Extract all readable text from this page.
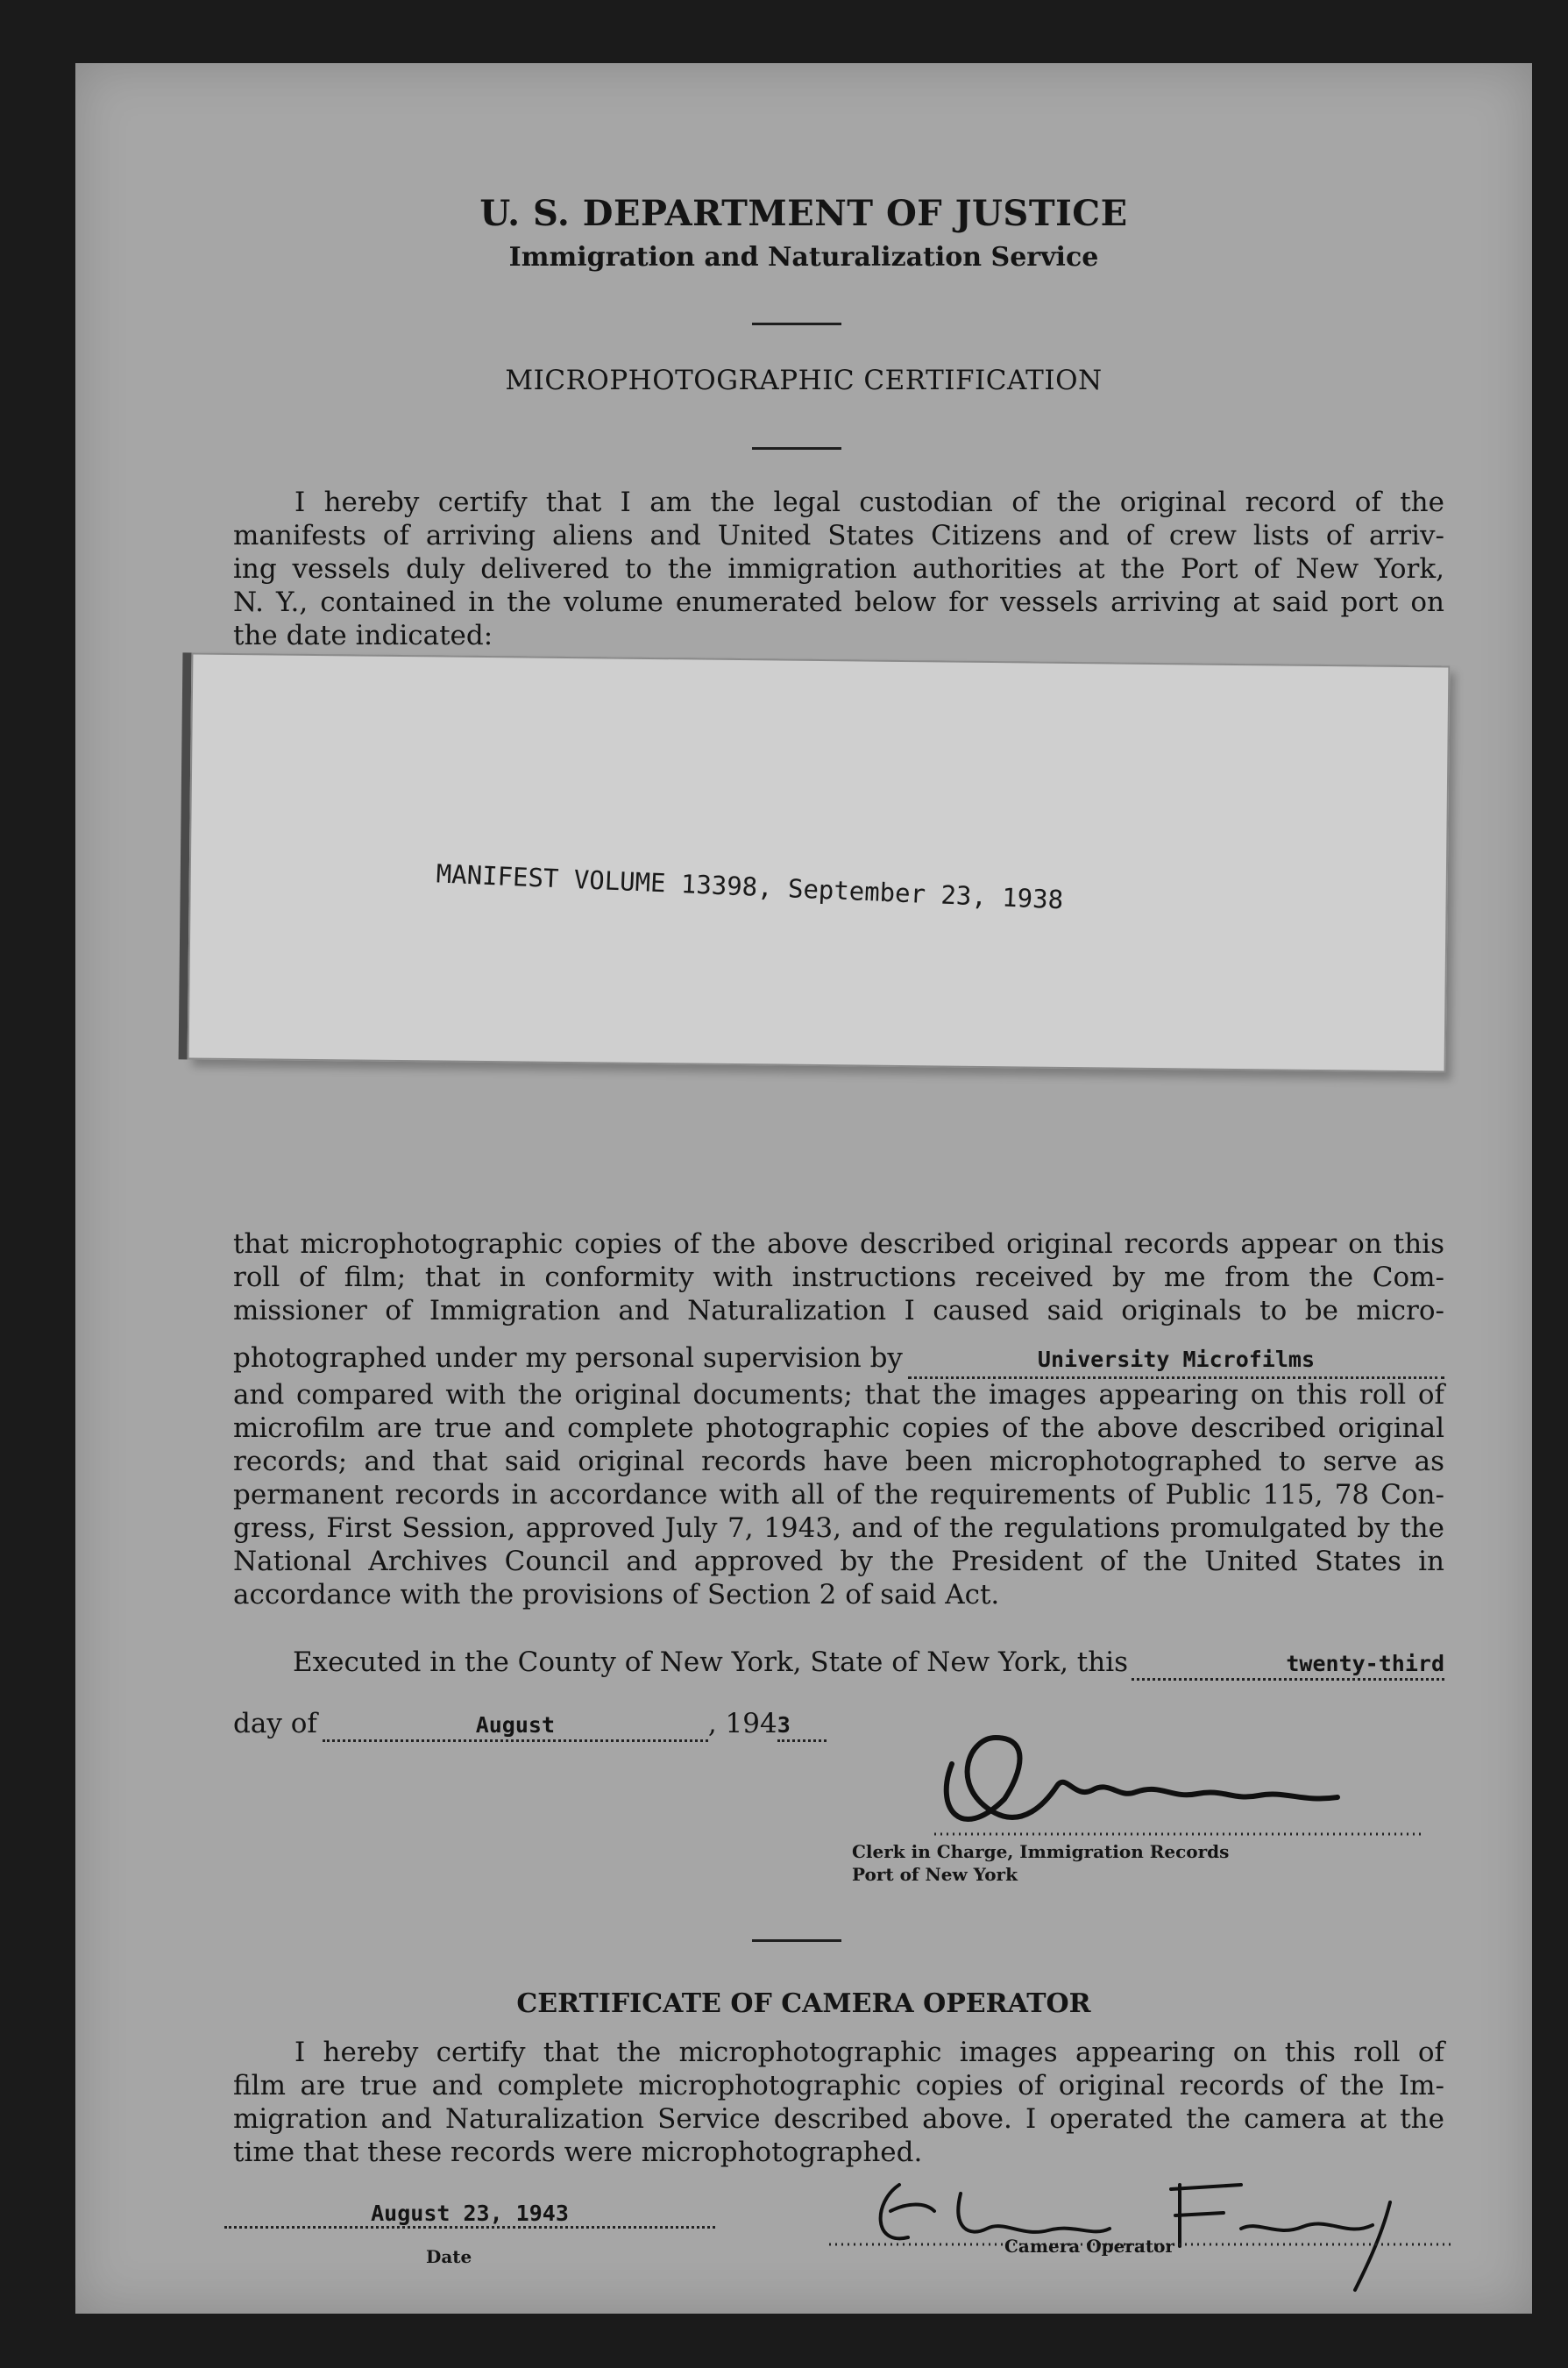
U. S. DEPARTMENT OF JUSTICE
Immigration and Naturalization Service
MICROPHOTOGRAPHIC CERTIFICATION
I hereby certify that I am the legal custodian of the original record of the
manifests of arriving aliens and United States Citizens and of crew lists of arriv-
ing vessels duly delivered to the immigration authorities at the Port of New York,
N. Y., contained in the volume enumerated below for vessels arriving at said port on
the date indicated:
MANIFEST VOLUME 13398, September 23, 1938
that microphotographic copies of the above described original records appear on this
roll of film; that in conformity with instructions received by me from the Com-
missioner of Immigration and Naturalization I caused said originals to be micro-
photographed under my personal supervision by	University Microfilms
and compared with the original documents; that the images appearing on this roll of
microfilm are true and complete photographic copies of the above described original
records; and that said original records have been microphotographed to serve as
permanent records in accordance with all of the requirements of Public 115, 78 Con-
gress, First Session, approved July 7, 1943, and of the regulations promulgated by the
National Archives Council and approved by the President of the United States in
accordance with the provisions of Section 2 of said Act.
Executed in the County of New York, State of New York, this	twenty-third
day of	August	, 194 3
Clerk in Charge, Immigration Records
Port of New York
CERTIFICATE OF CAMERA OPERATOR
I hereby certify that the microphotographic images appearing on this roll of
film are true and complete microphotographic copies of original records of the Im-
migration and Naturalization Service described above. I operated the camera at the
time that these records were microphotographed.
August 23, 1943
Date	Camera Operator
